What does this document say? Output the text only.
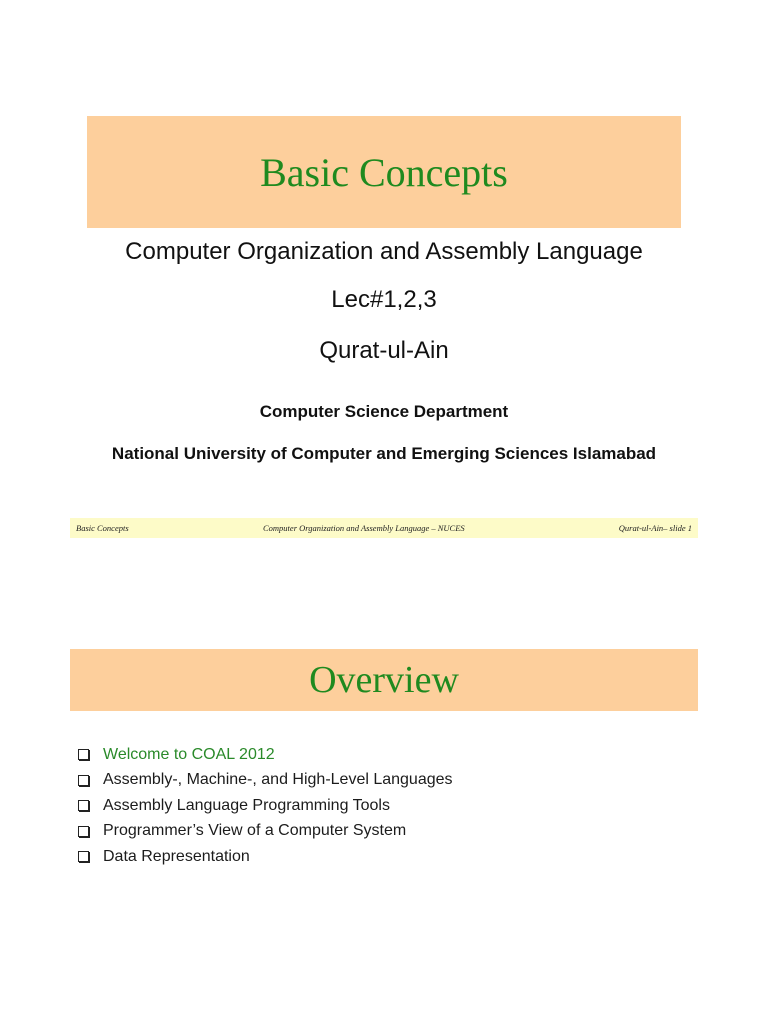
Basic Concepts
Computer Organization and Assembly Language
Lec#1,2,3
Qurat-ul-Ain
Computer Science Department
National University of Computer and Emerging Sciences Islamabad
Basic Concepts	Computer Organization and Assembly Language – NUCES	Qurat-ul-Ain– slide 1
Overview
Welcome to COAL 2012
Assembly-, Machine-, and High-Level Languages
Assembly Language Programming Tools
Programmer’s View of a Computer System
Data Representation
